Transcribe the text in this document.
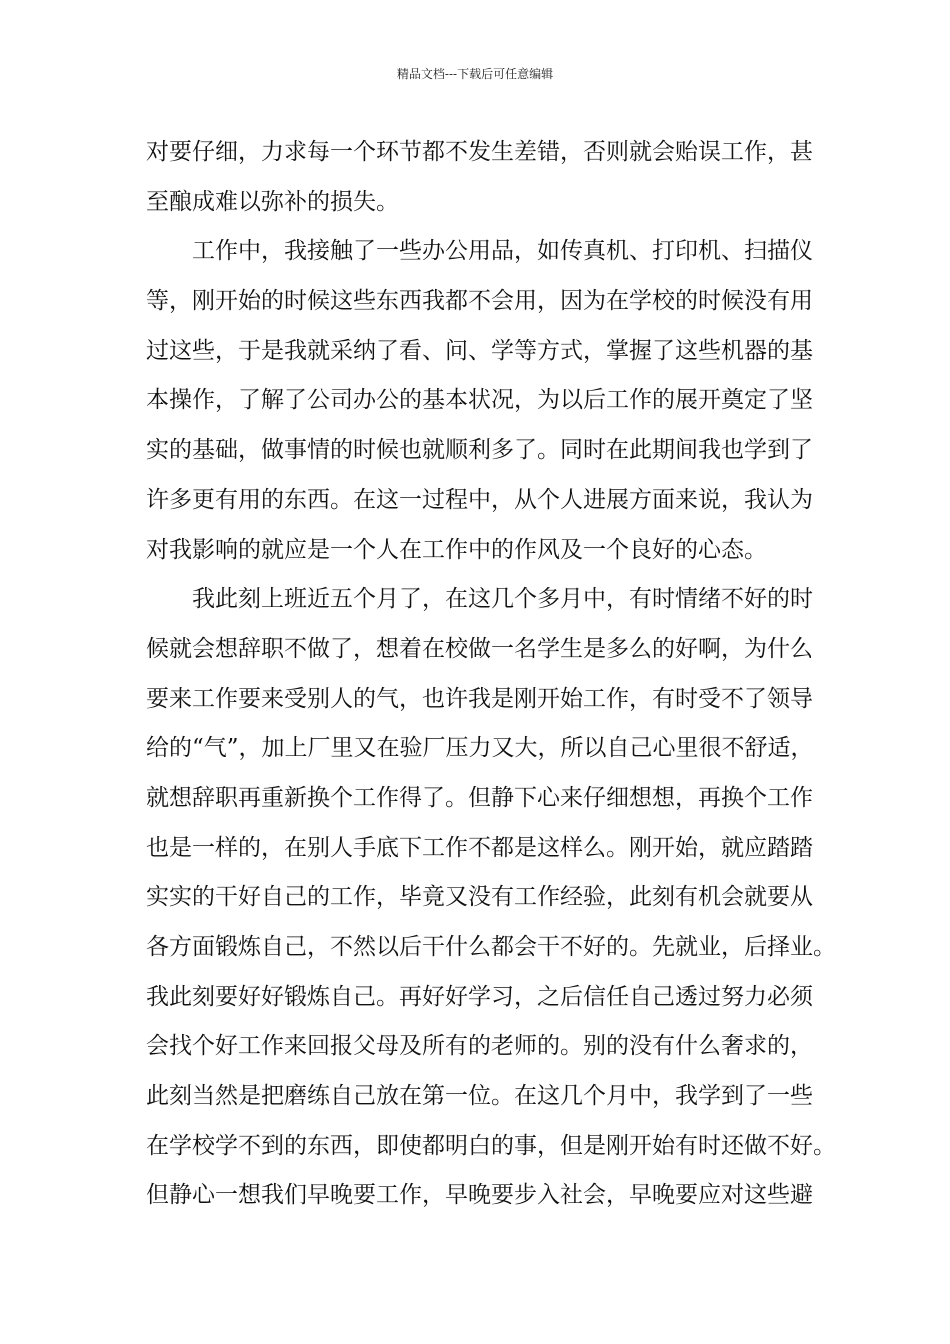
精品文档---下载后可任意编辑
对要仔细，力求每一个环节都不发生差错，否则就会贻误工作，甚
至酿成难以弥补的损失。
工作中，我接触了一些办公用品，如传真机、打印机、扫描仪
等，刚开始的时候这些东西我都不会用，因为在学校的时候没有用
过这些，于是我就采纳了看、问、学等方式，掌握了这些机器的基
本操作，了解了公司办公的基本状况，为以后工作的展开奠定了坚
实的基础，做事情的时候也就顺利多了。同时在此期间我也学到了
许多更有用的东西。在这一过程中，从个人进展方面来说，我认为
对我影响的就应是一个人在工作中的作风及一个良好的心态。
我此刻上班近五个月了，在这几个多月中，有时情绪不好的时
候就会想辞职不做了，想着在校做一名学生是多么的好啊，为什么
要来工作要来受别人的气，也许我是刚开始工作，有时受不了领导
给的“气”，加上厂里又在验厂压力又大，所以自己心里很不舒适，
就想辞职再重新换个工作得了。但静下心来仔细想想，再换个工作
也是一样的，在别人手底下工作不都是这样么。刚开始，就应踏踏
实实的干好自己的工作，毕竟又没有工作经验，此刻有机会就要从
各方面锻炼自己，不然以后干什么都会干不好的。先就业，后择业。
我此刻要好好锻炼自己。再好好学习，之后信任自己透过努力必须
会找个好工作来回报父母及所有的老师的。别的没有什么奢求的，
此刻当然是把磨练自己放在第一位。在这几个月中，我学到了一些
在学校学不到的东西，即使都明白的事，但是刚开始有时还做不好。
但静心一想我们早晚要工作，早晚要步入社会，早晚要应对这些避
